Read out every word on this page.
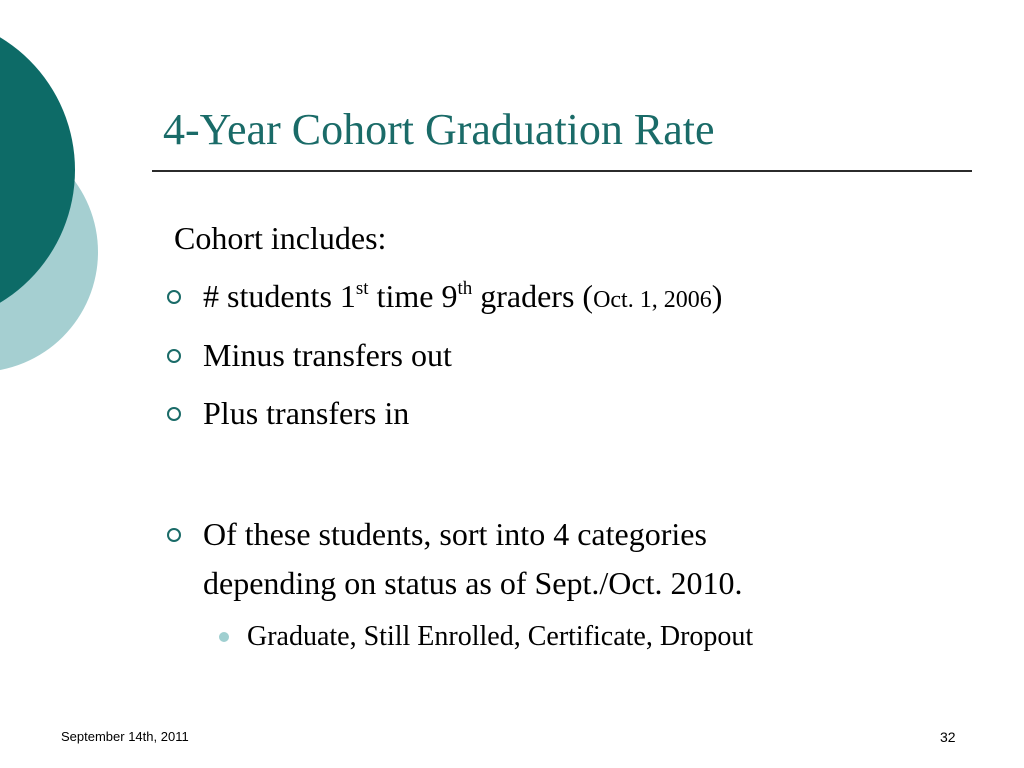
4-Year Cohort Graduation Rate
Cohort includes:
# students 1st time 9th graders (Oct. 1, 2006)
Minus transfers out
Plus transfers in
Of these students, sort into 4 categories
depending on status as of Sept./Oct. 2010.
Graduate, Still Enrolled, Certificate, Dropout
September 14th, 2011	32
